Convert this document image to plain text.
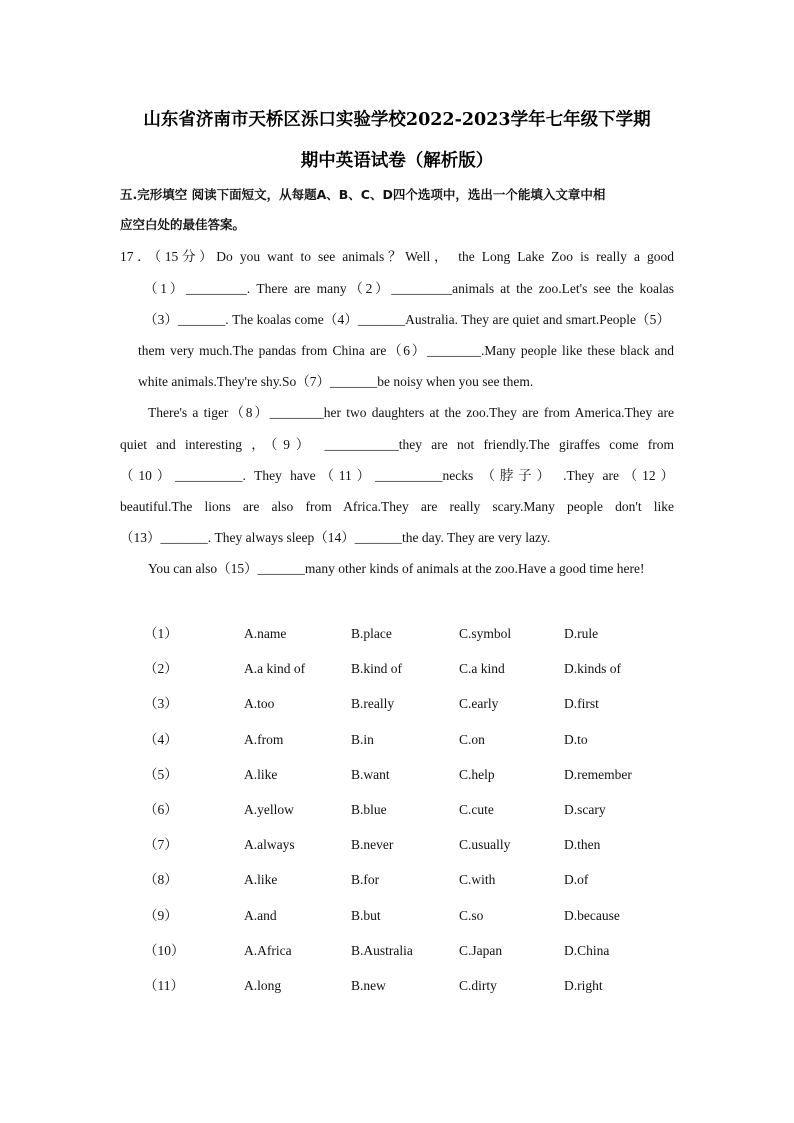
山东省济南市天桥区泺口实验学校2022-2023学年七年级下学期
期中英语试卷（解析版）
五.完形填空 阅读下面短文，从每题A、B、C、D四个选项中，选出一个能填入文章中相
应空白处的最佳答案。
17．（15分）Do you want to see animals？Well， the Long Lake Zoo is really a good
（1）_________. There are many（2）_________animals at the zoo.Let's see the koalas
（3）_______. The koalas come（4）_______Australia. They are quiet and smart.People（5）
them very much.The pandas from China are（6）________.Many people like these black and
white animals.They're shy.So（7）_______be noisy when you see them.
There's a tiger（8）________her two daughters at the zoo.They are from America.They are
quiet and interesting ，（9） ___________they are not friendly.The giraffes come from
（10）__________. They have（11）__________necks （脖子） .They are（12）
beautiful.The lions are also from Africa.They are really scary.Many people don't like
（13）_______. They always sleep（14）_______the day. They are very lazy.
You can also（15）_______many other kinds of animals at the zoo.Have a good time here!
（1）	A.name	B.place	C.symbol	D.rule
（2）	A.a kind of	B.kind of	C.a kind	D.kinds of
（3）	A.too	B.really	C.early	D.first
（4）	A.from	B.in	C.on	D.to
（5）	A.like	B.want	C.help	D.remember
（6）	A.yellow	B.blue	C.cute	D.scary
（7）	A.always	B.never	C.usually	D.then
（8）	A.like	B.for	C.with	D.of
（9）	A.and	B.but	C.so	D.because
（10）	A.Africa	B.Australia	C.Japan	D.China
（11）	A.long	B.new	C.dirty	D.right
